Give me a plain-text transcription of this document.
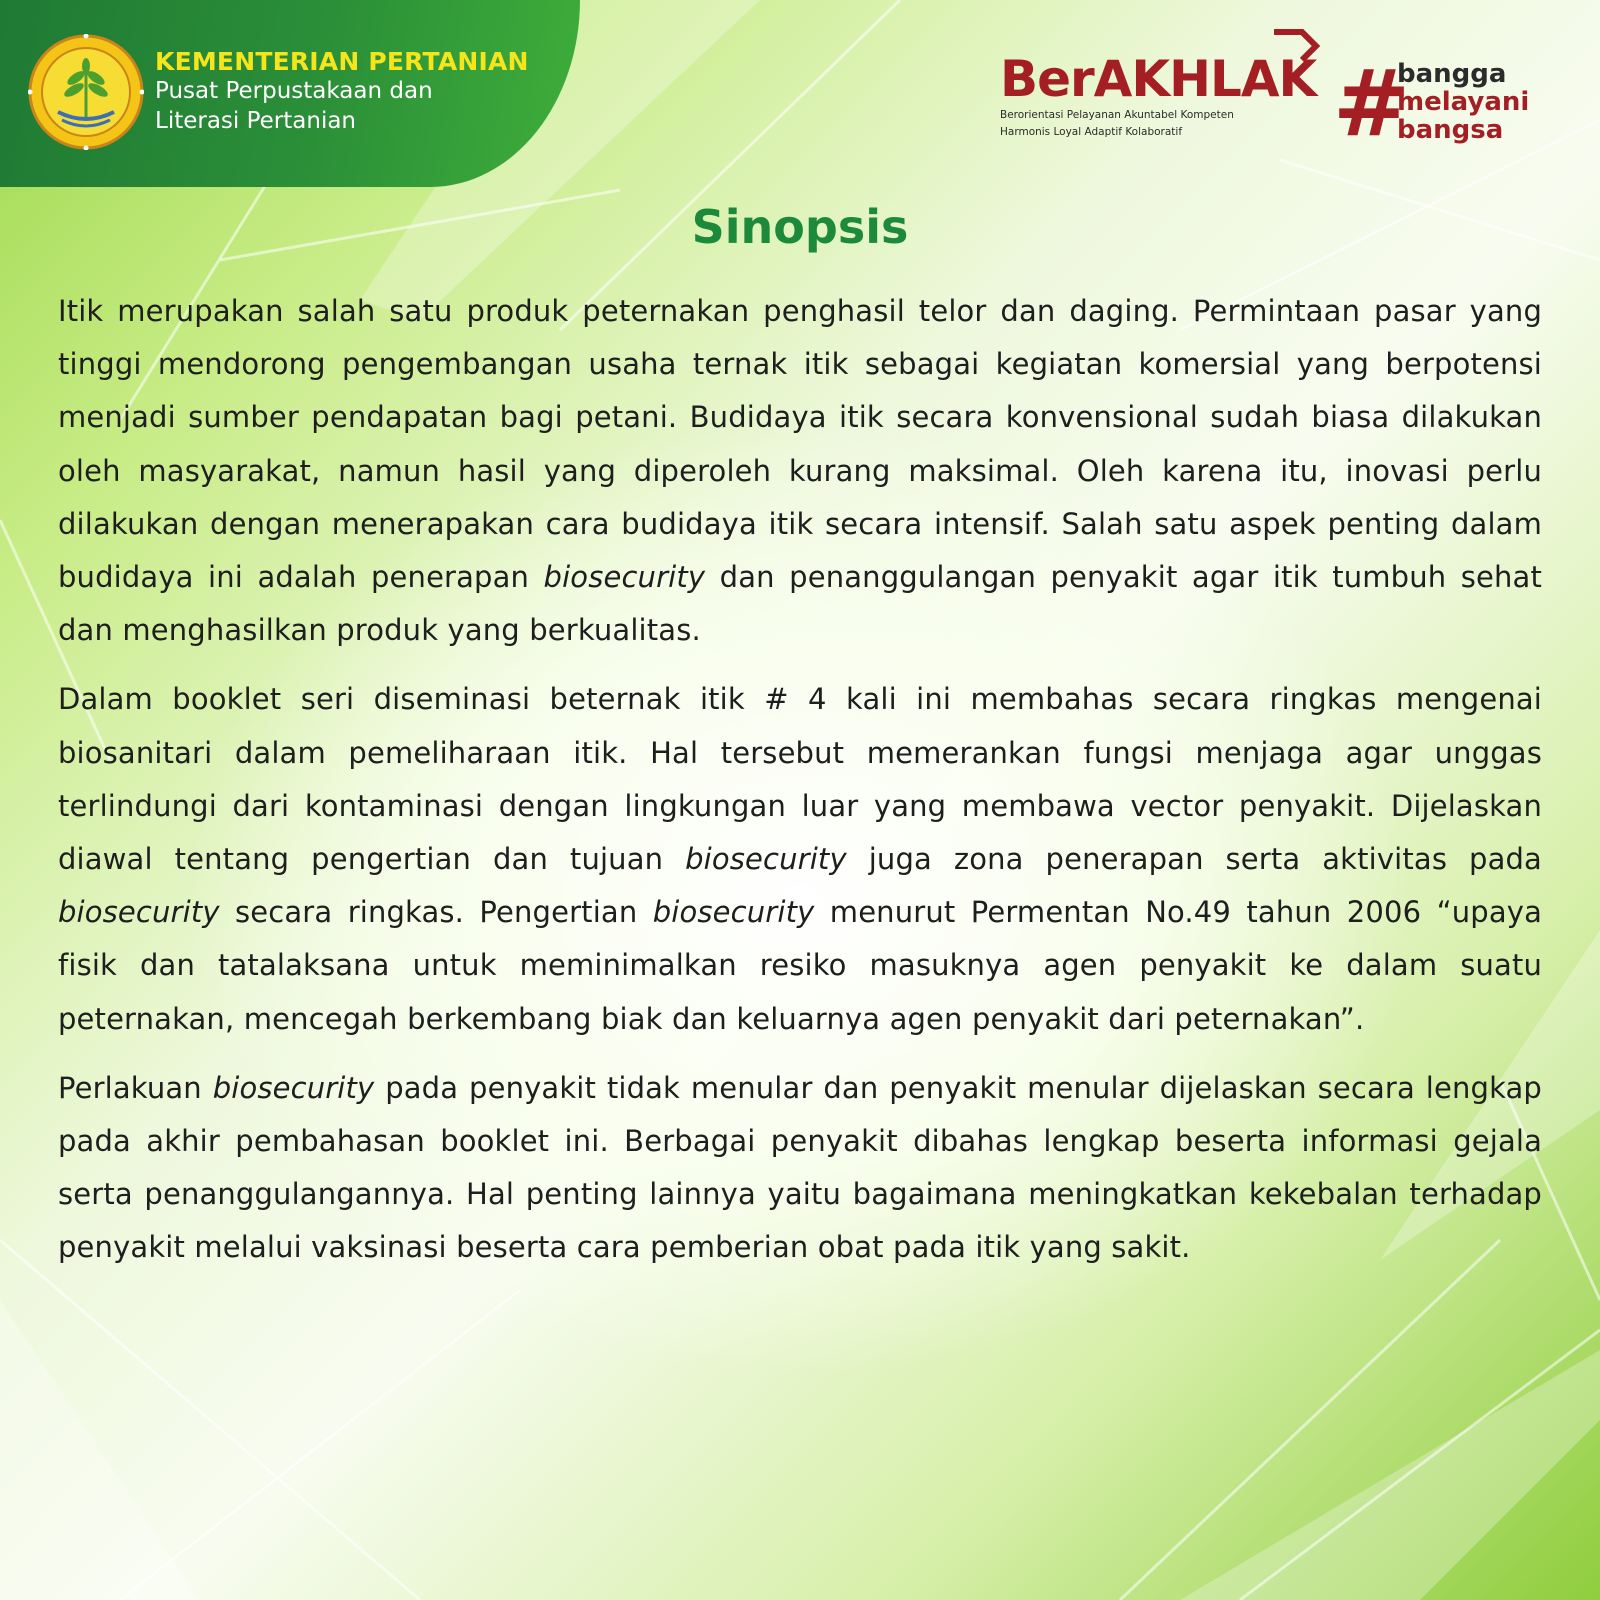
KEMENTERIAN PERTANIAN
Pusat Perpustakaan dan
Literasi Pertanian
BerAKHLAK
Berorientasi Pelayanan Akuntabel Kompeten
Harmonis Loyal Adaptif Kolaboratif	#
bangga
melayani
bangsa
Sinopsis

Itik merupakan salah satu produk peternakan penghasil telor dan daging. Permintaan pasar yang tinggi mendorong pengembangan usaha ternak itik sebagai kegiatan komersial yang berpotensi menjadi sumber pendapatan bagi petani. Budidaya itik secara konvensional sudah biasa dilakukan oleh masyarakat, namun hasil yang diperoleh kurang maksimal. Oleh karena itu, inovasi perlu dilakukan dengan menerapakan cara budidaya itik secara intensif. Salah satu aspek penting dalam budidaya ini adalah penerapan biosecurity dan penanggulangan penyakit agar itik tumbuh sehat dan menghasilkan produk yang berkualitas.

Dalam booklet seri diseminasi beternak itik # 4 kali ini membahas secara ringkas mengenai biosanitari dalam pemeliharaan itik. Hal tersebut memerankan fungsi menjaga agar unggas terlindungi dari kontaminasi dengan lingkungan luar yang membawa vector penyakit. Dijelaskan diawal tentang pengertian dan tujuan biosecurity juga zona penerapan serta aktivitas pada biosecurity secara ringkas. Pengertian biosecurity menurut Permentan No.49 tahun 2006 “upaya fisik dan tatalaksana untuk meminimalkan resiko masuknya agen penyakit ke dalam suatu peternakan, mencegah berkembang biak dan keluarnya agen penyakit dari peternakan”.

Perlakuan biosecurity pada penyakit tidak menular dan penyakit menular dijelaskan secara lengkap pada akhir pembahasan booklet ini. Berbagai penyakit dibahas lengkap beserta informasi gejala serta penanggulangannya. Hal penting lainnya yaitu bagaimana meningkatkan kekebalan terhadap penyakit melalui vaksinasi beserta cara pemberian obat pada itik yang sakit.
